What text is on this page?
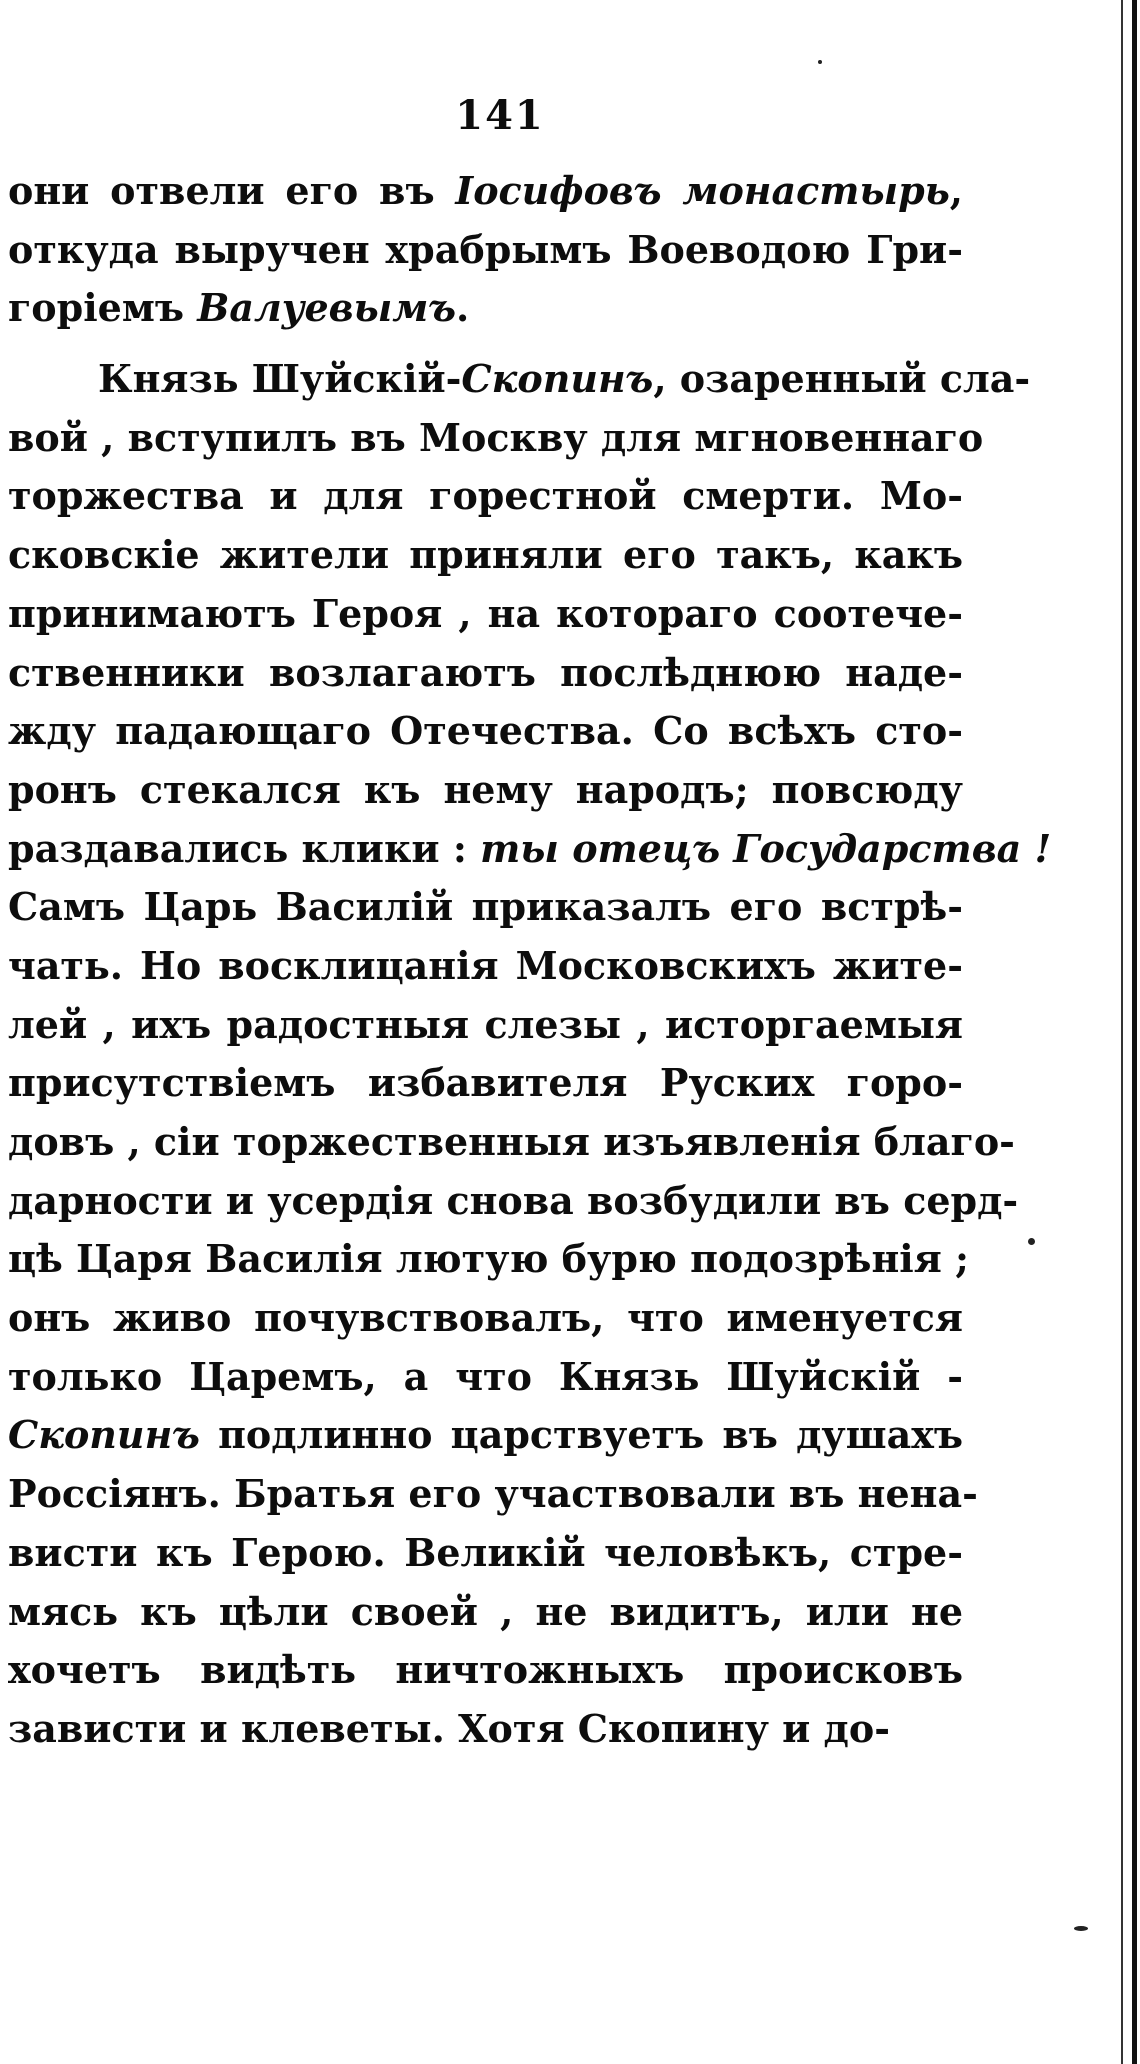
141
они отвели его въ Іосифовъ монастырь,
откуда выручен храбрымъ Воеводою Гри-
горіемъ Валуевымъ.
Князь Шуйскій-Скопинъ, озаренный сла-
вой , вступилъ въ Москву для мгновеннаго
торжества и для горестной смерти. Мо-
сковскіе жители приняли его такъ, какъ
принимаютъ Героя , на котораго соотече-
ственники возлагаютъ послѣднюю наде-
жду падающаго Отечества. Со всѣхъ сто-
ронъ стекался къ нему народъ; повсюду
раздавались клики : ты отецъ Государства !
Самъ Царь Василій приказалъ его встрѣ-
чать. Но восклицанія Московскихъ жите-
лей , ихъ радостныя слезы , исторгаемыя
присутствіемъ избавителя Руских горо-
довъ , сіи торжественныя изъявленія благо-
дарности и усердія снова возбудили въ серд-
цѣ Царя Василія лютую бурю подозрѣнія ;
онъ живо почувствовалъ, что именуется
только Царемъ, а что Князь Шуйскій -
Скопинъ подлинно царствуетъ въ душахъ
Россіянъ. Братья его участвовали въ нена-
висти къ Герою. Великій человѣкъ, стре-
мясь къ цѣли своей , не видитъ, или не
хочетъ видѣть ничтожныхъ происковъ
зависти и клеветы. Хотя Скопину и до-
